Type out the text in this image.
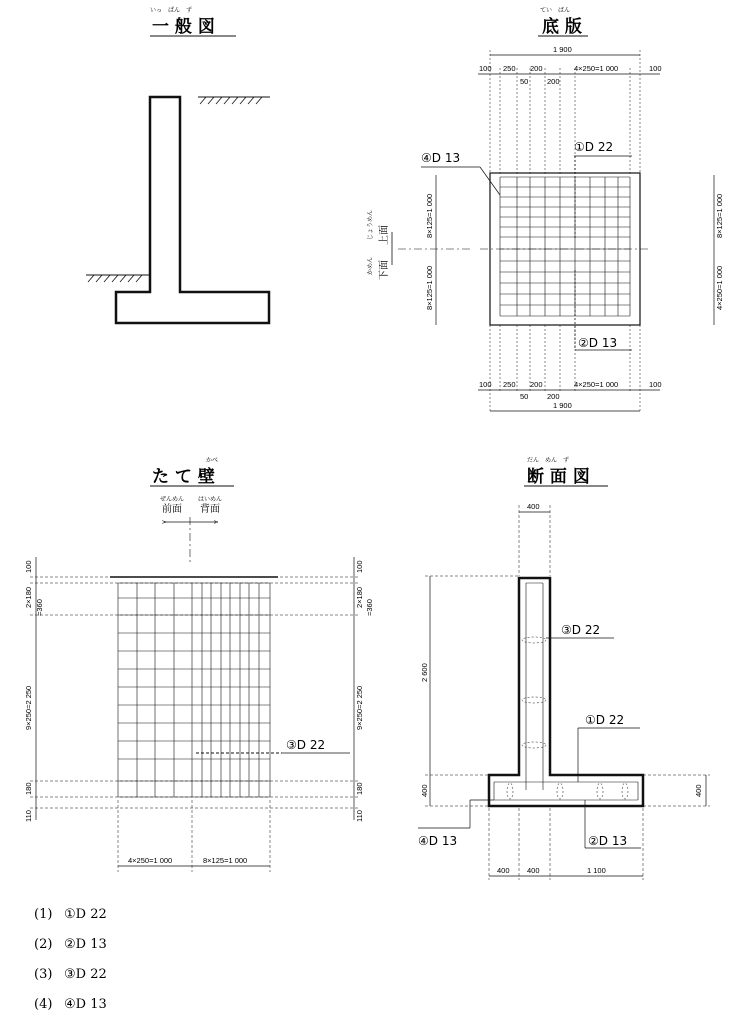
いっ　ぱん　ず
一 般 図
てい　ばん
底 版
1 900
100 250 200	4×250=1 000	100
50 200
8×125=1 000
8×125=1 000
8×125=1 000
4×250=1 000
じょうめん 上面
かめん 下面
①D 22
④D 13
②D 13
100 250 200	4×250=1 000	100
50 200
1 900
かべ
た て 壁
ぜんめん
前面
はいめん
背面
③D 22
100
2×180 =360
9×250=2 250
180
110
100
2×180 =360
9×250=2 250
180
110
4×250=1 000	8×125=1 000
だん　めん　ず
断 面 図
400
2 600
400	400
③D 22
①D 22
④D 13	②D 13
400 400	1 100
(1) ①D 22
(2) ②D 13
(3) ③D 22
(4) ④D 13
